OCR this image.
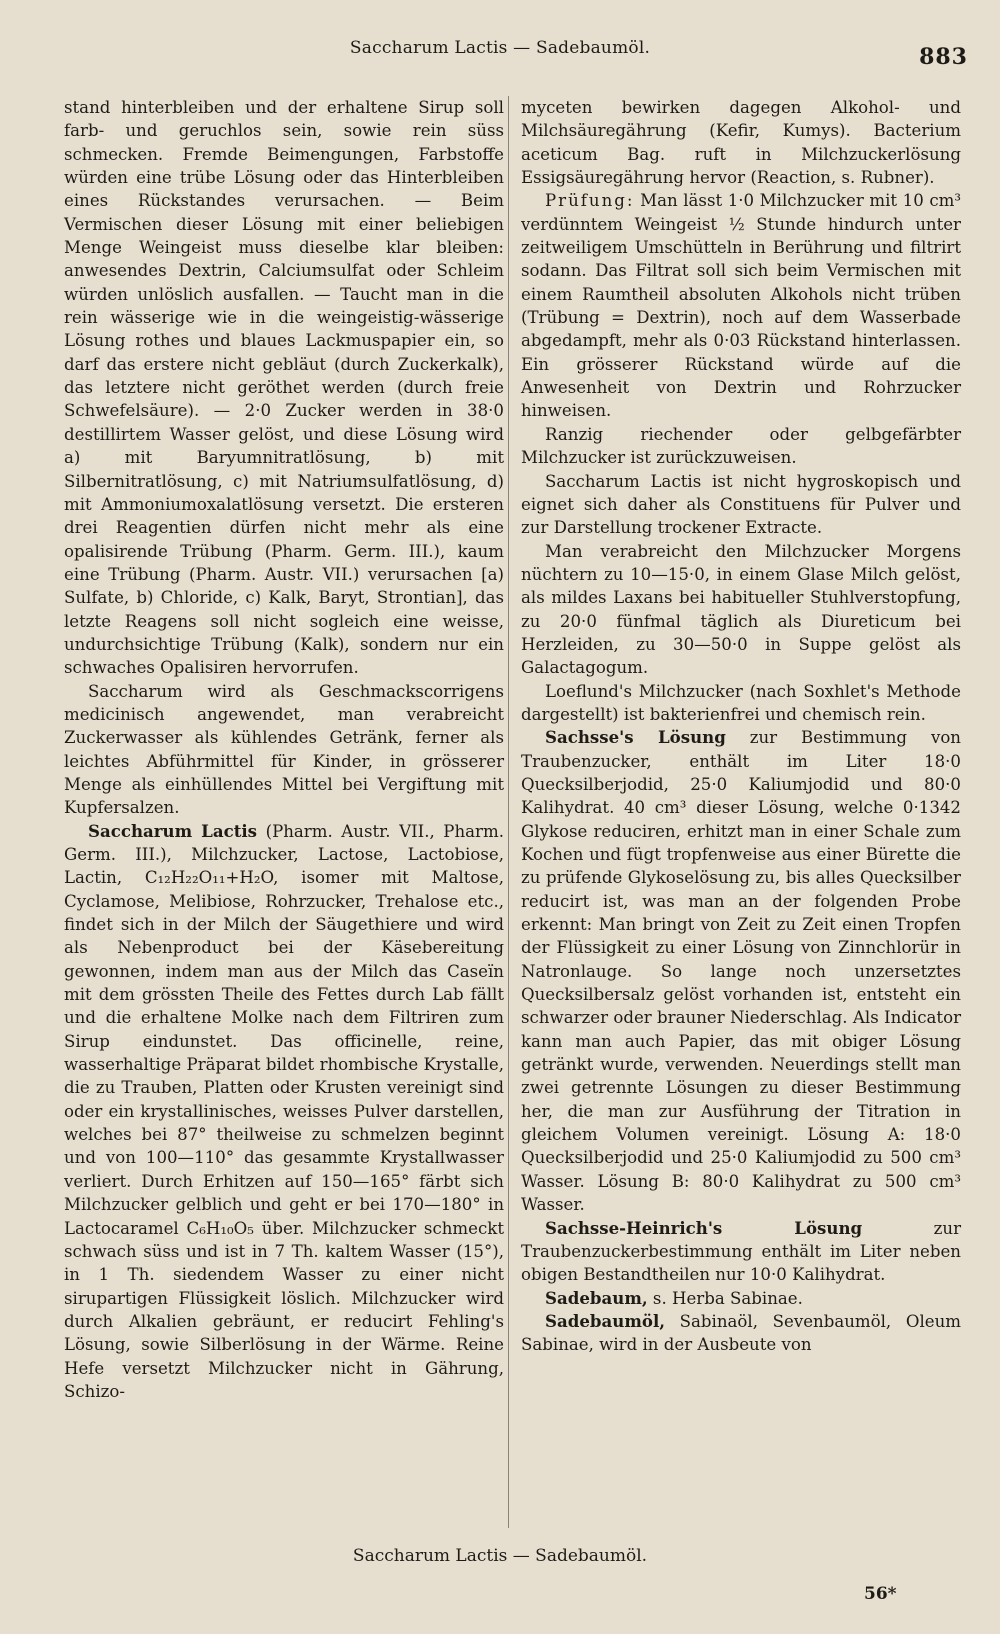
Saccharum Lactis — Sadebaumöl.	883

stand hinterbleiben und der erhaltene Sirup soll farb- und geruchlos sein, sowie rein süss schmecken. Fremde Beimengungen, Farbstoffe würden eine trübe Lösung oder das Hinterbleiben eines Rückstandes verursachen. — Beim Vermischen dieser Lösung mit einer beliebigen Menge Weingeist muss dieselbe klar bleiben: anwesendes Dextrin, Calciumsulfat oder Schleim würden unlöslich ausfallen. — Taucht man in die rein wässerige wie in die weingeistig-wässerige Lösung rothes und blaues Lackmuspapier ein, so darf das erstere nicht gebläut (durch Zuckerkalk), das letztere nicht geröthet werden (durch freie Schwefelsäure). — 2·0 Zucker werden in 38·0 destillirtem Wasser gelöst, und diese Lösung wird a) mit Baryumnitratlösung, b) mit Silbernitratlösung, c) mit Natriumsulfatlösung, d) mit Ammoniumoxalatlösung versetzt. Die ersteren drei Reagentien dürfen nicht mehr als eine opalisirende Trübung (Pharm. Germ. III.), kaum eine Trübung (Pharm. Austr. VII.) verursachen [a) Sulfate, b) Chloride, c) Kalk, Baryt, Strontian], das letzte Reagens soll nicht sogleich eine weisse, undurchsichtige Trübung (Kalk), sondern nur ein schwaches Opalisiren hervorrufen.

Saccharum wird als Geschmackscorrigens medicinisch angewendet, man verabreicht Zuckerwasser als kühlendes Getränk, ferner als leichtes Abführmittel für Kinder, in grösserer Menge als einhüllendes Mittel bei Vergiftung mit Kupfersalzen.

Saccharum Lactis (Pharm. Austr. VII., Pharm. Germ. III.), Milchzucker, Lactose, Lactobiose, Lactin, C₁₂H₂₂O₁₁+H₂O, isomer mit Maltose, Cyclamose, Melibiose, Rohrzucker, Trehalose etc., findet sich in der Milch der Säugethiere und wird als Nebenproduct bei der Käsebereitung gewonnen, indem man aus der Milch das Caseïn mit dem grössten Theile des Fettes durch Lab fällt und die erhaltene Molke nach dem Filtriren zum Sirup eindunstet. Das officinelle, reine, wasserhaltige Präparat bildet rhombische Krystalle, die zu Trauben, Platten oder Krusten vereinigt sind oder ein krystallinisches, weisses Pulver darstellen, welches bei 87° theilweise zu schmelzen beginnt und von 100—110° das gesammte Krystallwasser verliert. Durch Erhitzen auf 150—165° färbt sich Milchzucker gelblich und geht er bei 170—180° in Lactocaramel C₆H₁₀O₅ über. Milchzucker schmeckt schwach süss und ist in 7 Th. kaltem Wasser (15°), in 1 Th. siedendem Wasser zu einer nicht sirupartigen Flüssigkeit löslich. Milchzucker wird durch Alkalien gebräunt, er reducirt Fehling's Lösung, sowie Silberlösung in der Wärme. Reine Hefe versetzt Milchzucker nicht in Gährung, Schizo-

myceten bewirken dagegen Alkohol- und Milchsäuregährung (Kefir, Kumys). Bacterium aceticum Bag. ruft in Milchzuckerlösung Essigsäuregährung hervor (Reaction, s. Rubner).

Prüfung: Man lässt 1·0 Milchzucker mit 10 cm³ verdünntem Weingeist ½ Stunde hindurch unter zeitweiligem Umschütteln in Berührung und filtrirt sodann. Das Filtrat soll sich beim Vermischen mit einem Raumtheil absoluten Alkohols nicht trüben (Trübung = Dextrin), noch auf dem Wasserbade abgedampft, mehr als 0·03 Rückstand hinterlassen. Ein grösserer Rückstand würde auf die Anwesenheit von Dextrin und Rohrzucker hinweisen.

Ranzig riechender oder gelbgefärbter Milchzucker ist zurückzuweisen.

Saccharum Lactis ist nicht hygroskopisch und eignet sich daher als Constituens für Pulver und zur Darstellung trockener Extracte.

Man verabreicht den Milchzucker Morgens nüchtern zu 10—15·0, in einem Glase Milch gelöst, als mildes Laxans bei habitueller Stuhlverstopfung, zu 20·0 fünfmal täglich als Diureticum bei Herzleiden, zu 30—50·0 in Suppe gelöst als Galactagogum.

Loeflund's Milchzucker (nach Soxhlet's Methode dargestellt) ist bakterienfrei und chemisch rein.

Sachsse's Lösung zur Bestimmung von Traubenzucker, enthält im Liter 18·0 Quecksilberjodid, 25·0 Kaliumjodid und 80·0 Kalihydrat. 40 cm³ dieser Lösung, welche 0·1342 Glykose reduciren, erhitzt man in einer Schale zum Kochen und fügt tropfenweise aus einer Bürette die zu prüfende Glykoselösung zu, bis alles Quecksilber reducirt ist, was man an der folgenden Probe erkennt: Man bringt von Zeit zu Zeit einen Tropfen der Flüssigkeit zu einer Lösung von Zinnchlorür in Natronlauge. So lange noch unzersetztes Quecksilbersalz gelöst vorhanden ist, entsteht ein schwarzer oder brauner Niederschlag. Als Indicator kann man auch Papier, das mit obiger Lösung getränkt wurde, verwenden. Neuerdings stellt man zwei getrennte Lösungen zu dieser Bestimmung her, die man zur Ausführung der Titration in gleichem Volumen vereinigt. Lösung A: 18·0 Quecksilberjodid und 25·0 Kaliumjodid zu 500 cm³ Wasser. Lösung B: 80·0 Kalihydrat zu 500 cm³ Wasser.

Sachsse-Heinrich's Lösung zur Traubenzuckerbestimmung enthält im Liter neben obigen Bestandtheilen nur 10·0 Kalihydrat.

Sadebaum, s. Herba Sabinae.

Sadebaumöl, Sabinaöl, Sevenbaumöl, Oleum Sabinae, wird in der Ausbeute von

Saccharum Lactis — Sadebaumöl.
56*
